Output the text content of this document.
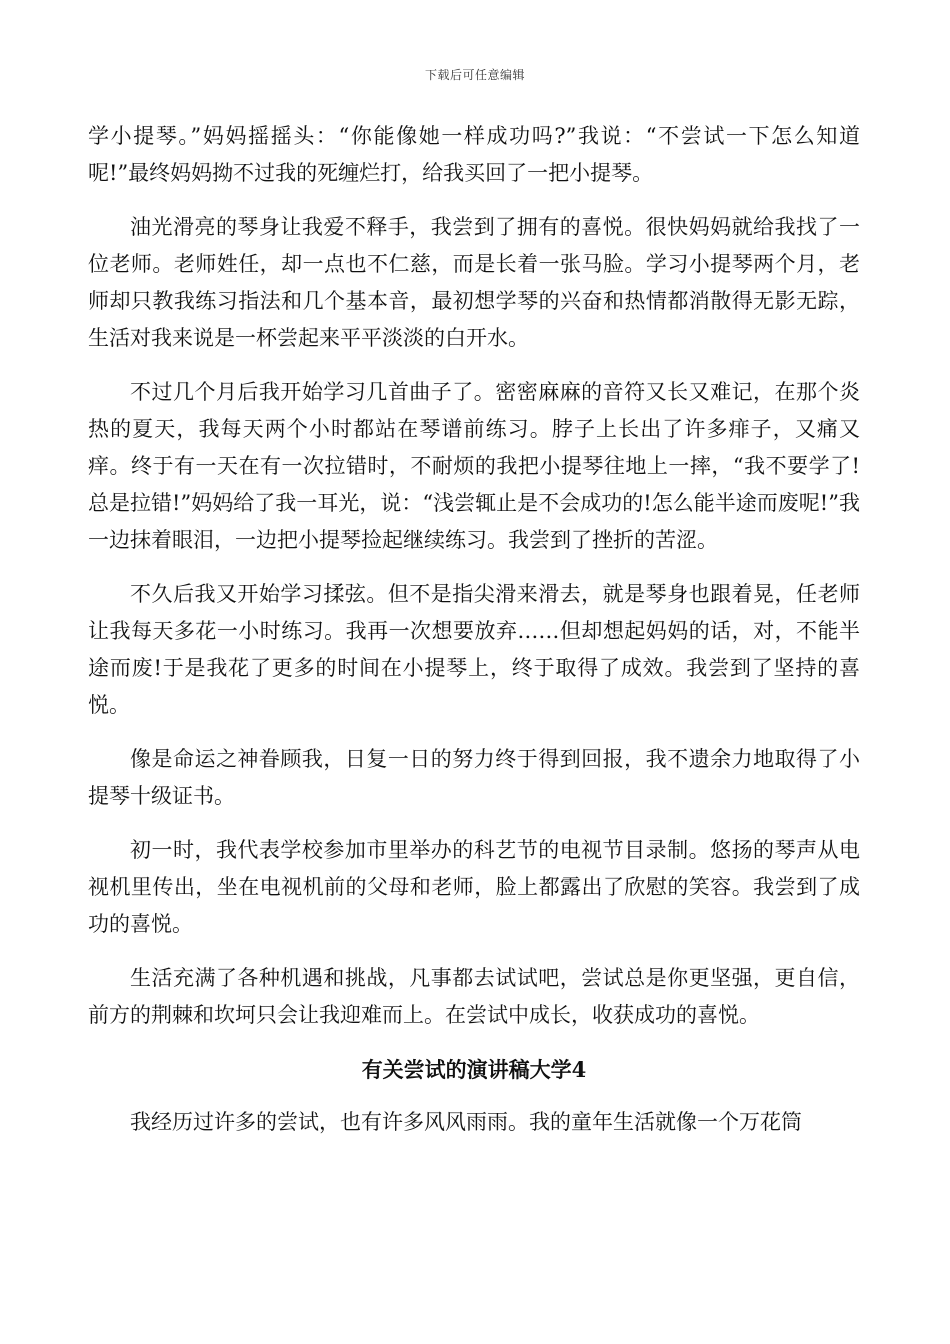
下载后可任意编辑

学小提琴。”妈妈摇摇头：“你能像她一样成功吗?”我说：“不尝试一下怎么知道呢!”最终妈妈拗不过我的死缠烂打，给我买回了一把小提琴。

油光滑亮的琴身让我爱不释手，我尝到了拥有的喜悦。很快妈妈就给我找了一位老师。老师姓任，却一点也不仁慈，而是长着一张马脸。学习小提琴两个月，老师却只教我练习指法和几个基本音，最初想学琴的兴奋和热情都消散得无影无踪，生活对我来说是一杯尝起来平平淡淡的白开水。

不过几个月后我开始学习几首曲子了。密密麻麻的音符又长又难记，在那个炎热的夏天，我每天两个小时都站在琴谱前练习。脖子上长出了许多痱子，又痛又痒。终于有一天在有一次拉错时，不耐烦的我把小提琴往地上一摔，“我不要学了!总是拉错!”妈妈给了我一耳光，说：“浅尝辄止是不会成功的!怎么能半途而废呢!”我一边抹着眼泪，一边把小提琴捡起继续练习。我尝到了挫折的苦涩。

不久后我又开始学习揉弦。但不是指尖滑来滑去，就是琴身也跟着晃，任老师让我每天多花一小时练习。我再一次想要放弃……但却想起妈妈的话，对，不能半途而废!于是我花了更多的时间在小提琴上，终于取得了成效。我尝到了坚持的喜悦。

像是命运之神眷顾我，日复一日的努力终于得到回报，我不遗余力地取得了小提琴十级证书。

初一时，我代表学校参加市里举办的科艺节的电视节目录制。悠扬的琴声从电视机里传出，坐在电视机前的父母和老师，脸上都露出了欣慰的笑容。我尝到了成功的喜悦。

生活充满了各种机遇和挑战，凡事都去试试吧，尝试总是你更坚强，更自信，前方的荆棘和坎坷只会让我迎难而上。在尝试中成长，收获成功的喜悦。

有关尝试的演讲稿大学4

我经历过许多的尝试，也有许多风风雨雨。我的童年生活就像一个万花筒
